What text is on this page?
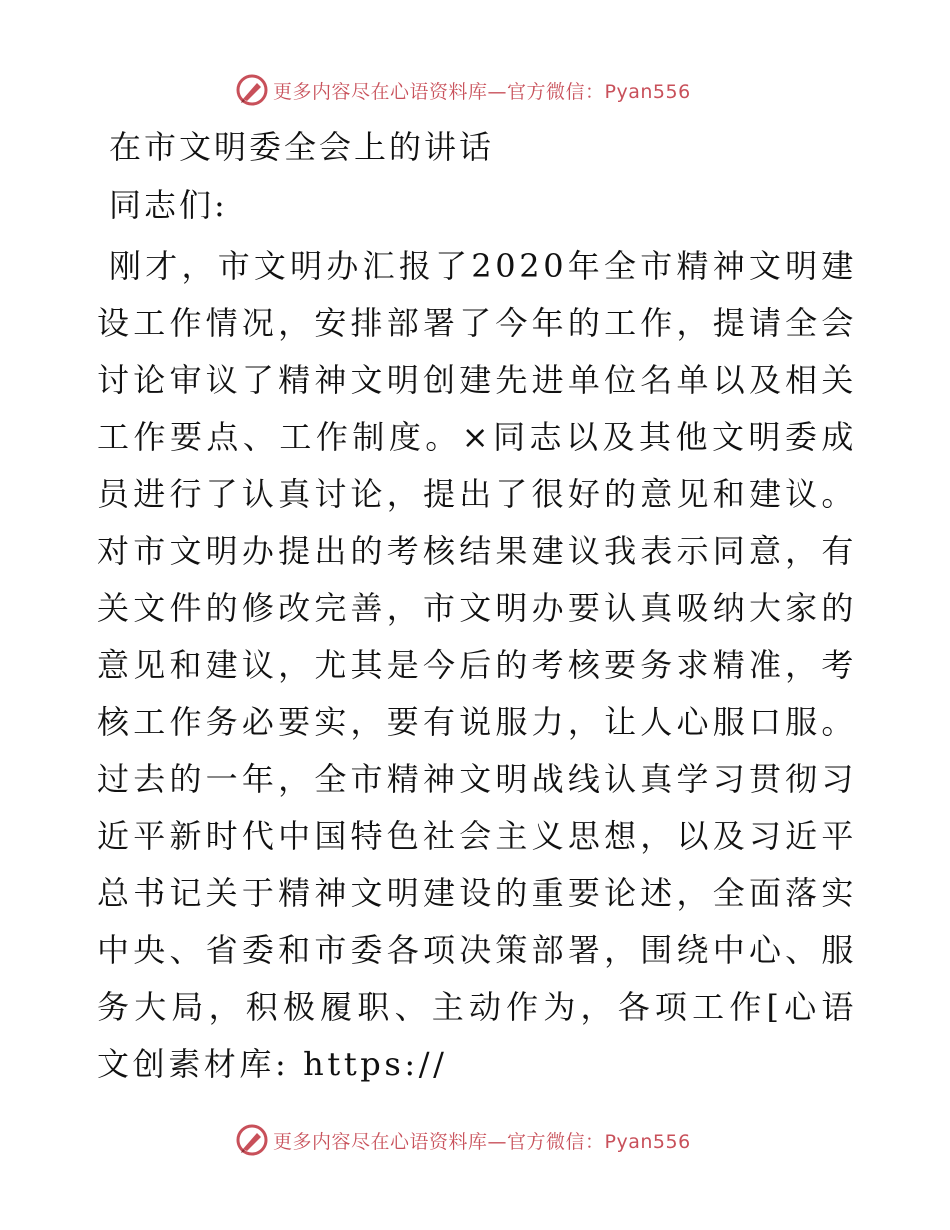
更多内容尽在心语资料库—官方微信：Pyan556

在市文明委全会上的讲话

同志们:

刚才，市文明办汇报了2020年全市精神文明建设工作情况，安排部署了今年的工作，提请全会讨论审议了精神文明创建先进单位名单以及相关工作要点、工作制度。×同志以及其他文明委成员进行了认真讨论，提出了很好的意见和建议。对市文明办提出的考核结果建议我表示同意，有关文件的修改完善，市文明办要认真吸纳大家的意见和建议，尤其是今后的考核要务求精准，考核工作务必要实，要有说服力，让人心服口服。过去的一年，全市精神文明战线认真学习贯彻习近平新时代中国特色社会主义思想，以及习近平总书记关于精神文明建设的重要论述，全面落实中央、省委和市委各项决策部署，围绕中心、服务大局，积极履职、主动作为，各项工作[心语文创素材库: https://

更多内容尽在心语资料库—官方微信：Pyan556
